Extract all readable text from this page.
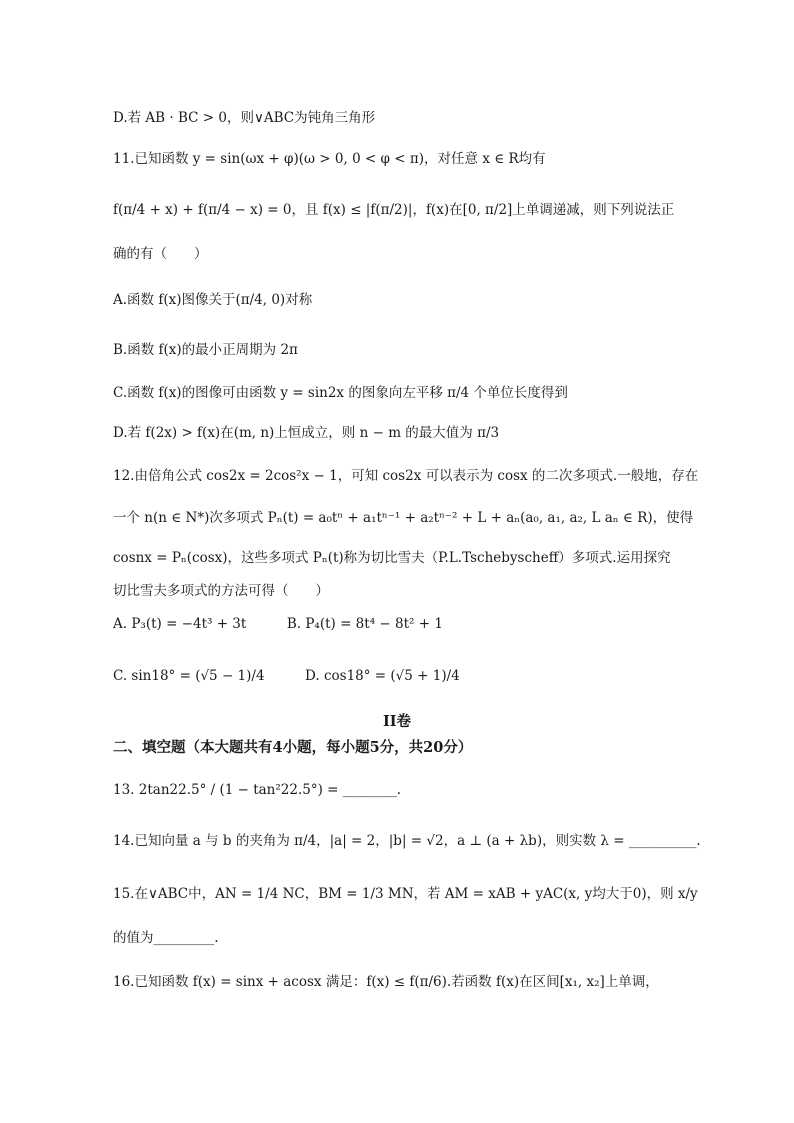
D.若 AB · BC > 0，则∨ABC为钝角三角形
11.已知函数 y = sin(ωx + φ)(ω > 0, 0 < φ < π)，对任意 x ∈ R均有
f(π/4 + x) + f(π/4 − x) = 0，且 f(x) ≤ |f(π/2)|，f(x)在[0, π/2]上单调递减，则下列说法正
确的有（　　）
A.函数 f(x)图像关于(π/4, 0)对称
B.函数 f(x)的最小正周期为 2π
C.函数 f(x)的图像可由函数 y = sin2x 的图象向左平移 π/4 个单位长度得到
D.若 f(2x) > f(x)在(m, n)上恒成立，则 n − m 的最大值为 π/3
12.由倍角公式 cos2x = 2cos²x − 1，可知 cos2x 可以表示为 cosx 的二次多项式.一般地，存在
一个 n(n ∈ N*)次多项式 Pₙ(t) = a₀tⁿ + a₁tⁿ⁻¹ + a₂tⁿ⁻² + L + aₙ(a₀, a₁, a₂, L aₙ ∈ R)，使得
cosnx = Pₙ(cosx)，这些多项式 Pₙ(t)称为切比雪夫（P.L.Tschebyscheff）多项式.运用探究
切比雪夫多项式的方法可得（　　）
A. P₃(t) = −4t³ + 3t　　　B. P₄(t) = 8t⁴ − 8t² + 1
C. sin18° = (√5 − 1)/4　　　D. cos18° = (√5 + 1)/4
II卷
二、填空题（本大题共有4小题，每小题5分，共20分）
13. 2tan22.5° / (1 − tan²22.5°) = ________.
14.已知向量 a 与 b 的夹角为 π/4，|a| = 2，|b| = √2，a ⊥ (a + λb)，则实数 λ = __________.
15.在∨ABC中，AN = 1/4 NC，BM = 1/3 MN，若 AM = xAB + yAC(x, y均大于0)，则 x/y
的值为_________.
16.已知函数 f(x) = sinx + acosx 满足：f(x) ≤ f(π/6).若函数 f(x)在区间[x₁, x₂]上单调，
